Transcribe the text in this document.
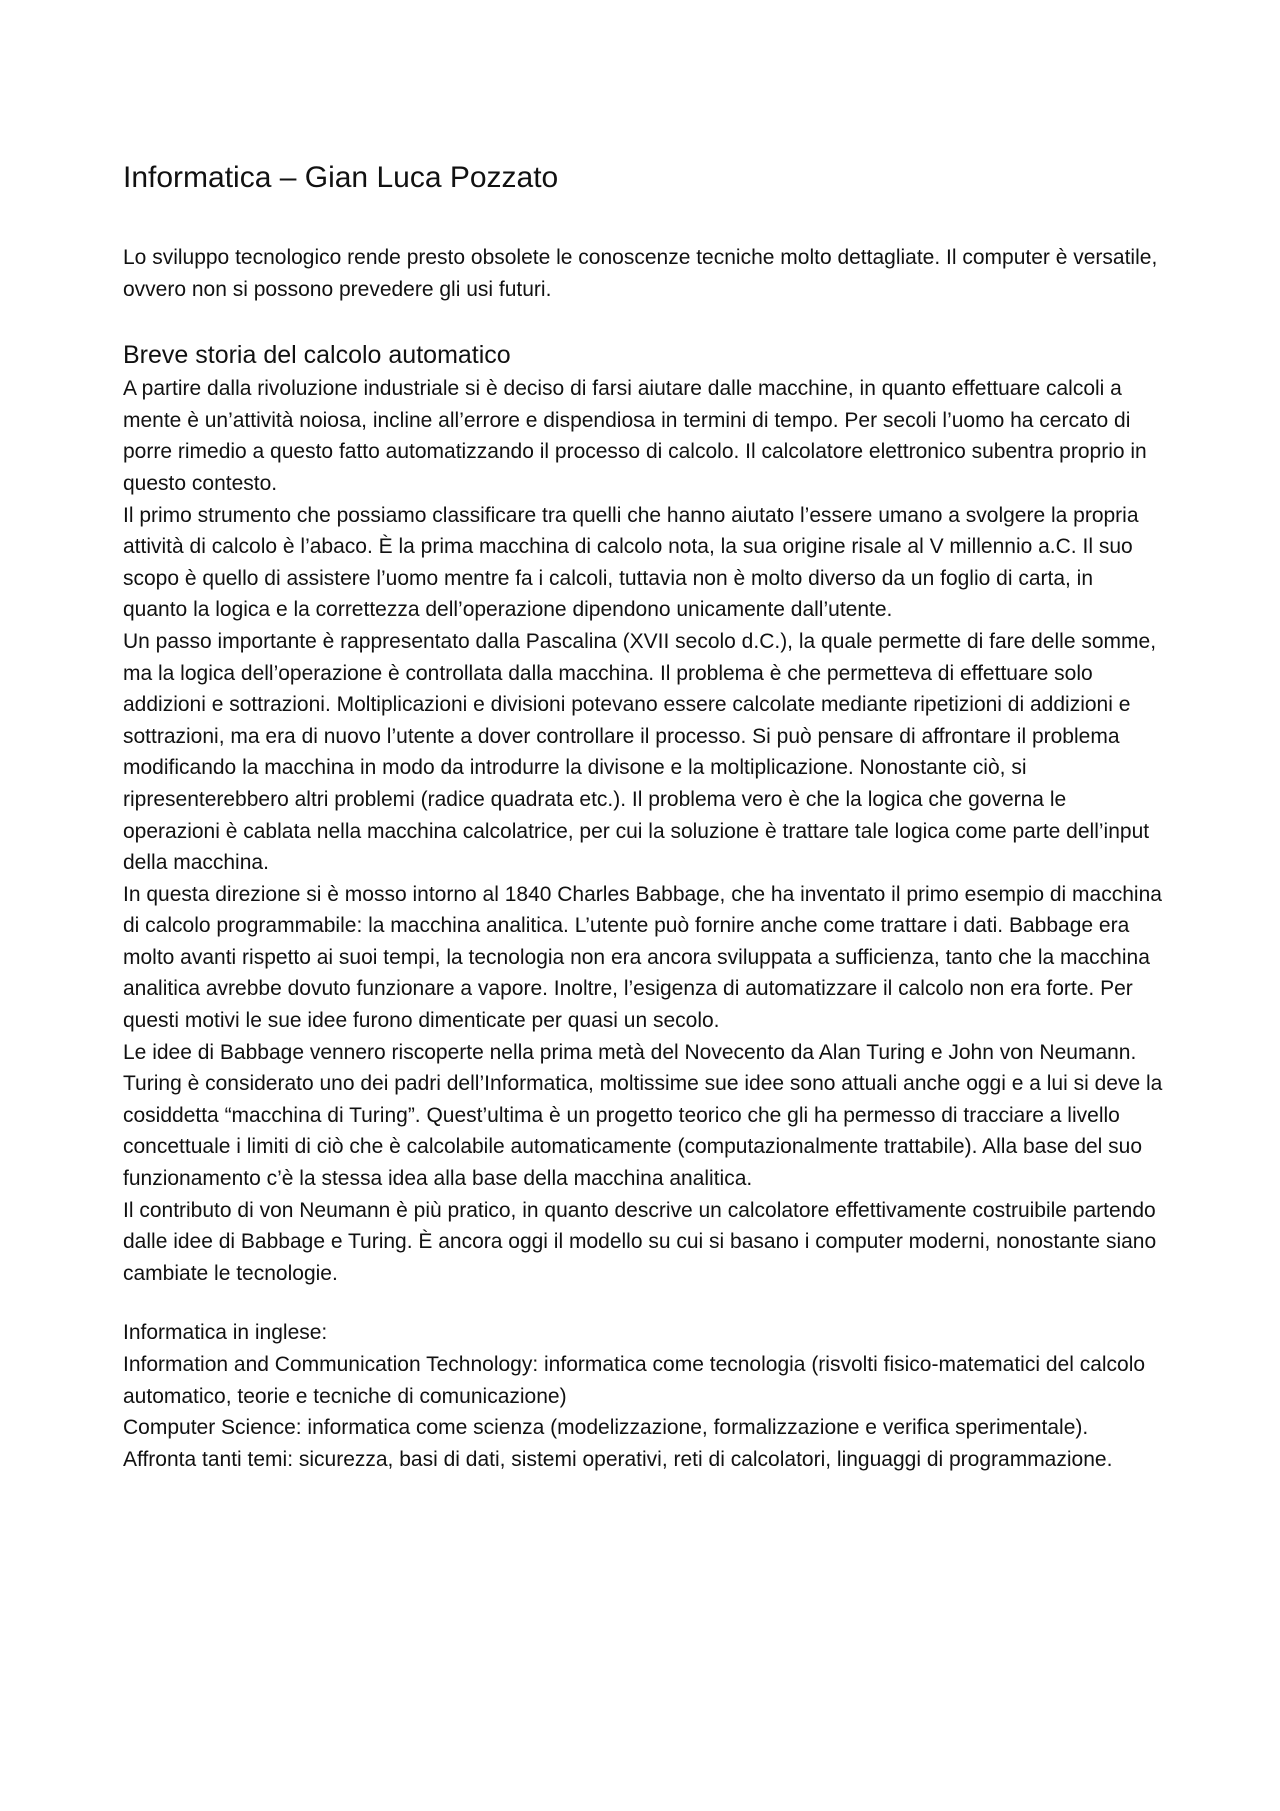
Informatica – Gian Luca Pozzato

Lo sviluppo tecnologico rende presto obsolete le conoscenze tecniche molto dettagliate. Il computer è versatile, ovvero non si possono prevedere gli usi futuri.

Breve storia del calcolo automatico

A partire dalla rivoluzione industriale si è deciso di farsi aiutare dalle macchine, in quanto effettuare calcoli a mente è un’attività noiosa, incline all’errore e dispendiosa in termini di tempo. Per secoli l’uomo ha cercato di porre rimedio a questo fatto automatizzando il processo di calcolo. Il calcolatore elettronico subentra proprio in questo contesto.

Il primo strumento che possiamo classificare tra quelli che hanno aiutato l’essere umano a svolgere la propria attività di calcolo è l’abaco. È la prima macchina di calcolo nota, la sua origine risale al V millennio a.C. Il suo scopo è quello di assistere l’uomo mentre fa i calcoli, tuttavia non è molto diverso da un foglio di carta, in quanto la logica e la correttezza dell’operazione dipendono unicamente dall’utente.

Un passo importante è rappresentato dalla Pascalina (XVII secolo d.C.), la quale permette di fare delle somme, ma la logica dell’operazione è controllata dalla macchina. Il problema è che permetteva di effettuare solo addizioni e sottrazioni. Moltiplicazioni e divisioni potevano essere calcolate mediante ripetizioni di addizioni e sottrazioni, ma era di nuovo l’utente a dover controllare il processo. Si può pensare di affrontare il problema modificando la macchina in modo da introdurre la divisone e la moltiplicazione. Nonostante ciò, si ripresenterebbero altri problemi (radice quadrata etc.). Il problema vero è che la logica che governa le operazioni è cablata nella macchina calcolatrice, per cui la soluzione è trattare tale logica come parte dell’input della macchina.

In questa direzione si è mosso intorno al 1840 Charles Babbage, che ha inventato il primo esempio di macchina di calcolo programmabile: la macchina analitica. L’utente può fornire anche come trattare i dati. Babbage era molto avanti rispetto ai suoi tempi, la tecnologia non era ancora sviluppata a sufficienza, tanto che la macchina analitica avrebbe dovuto funzionare a vapore. Inoltre, l’esigenza di automatizzare il calcolo non era forte. Per questi motivi le sue idee furono dimenticate per quasi un secolo.

Le idee di Babbage vennero riscoperte nella prima metà del Novecento da Alan Turing e John von Neumann. Turing è considerato uno dei padri dell’Informatica, moltissime sue idee sono attuali anche oggi e a lui si deve la cosiddetta “macchina di Turing”. Quest’ultima è un progetto teorico che gli ha permesso di tracciare a livello concettuale i limiti di ciò che è calcolabile automaticamente (computazionalmente trattabile). Alla base del suo funzionamento c’è la stessa idea alla base della macchina analitica.

Il contributo di von Neumann è più pratico, in quanto descrive un calcolatore effettivamente costruibile partendo dalle idee di Babbage e Turing. È ancora oggi il modello su cui si basano i computer moderni, nonostante siano cambiate le tecnologie.

Informatica in inglese:

Information and Communication Technology: informatica come tecnologia (risvolti fisico-matematici del calcolo automatico, teorie e tecniche di comunicazione)

Computer Science: informatica come scienza (modelizzazione, formalizzazione e verifica sperimentale). Affronta tanti temi: sicurezza, basi di dati, sistemi operativi, reti di calcolatori, linguaggi di programmazione.
